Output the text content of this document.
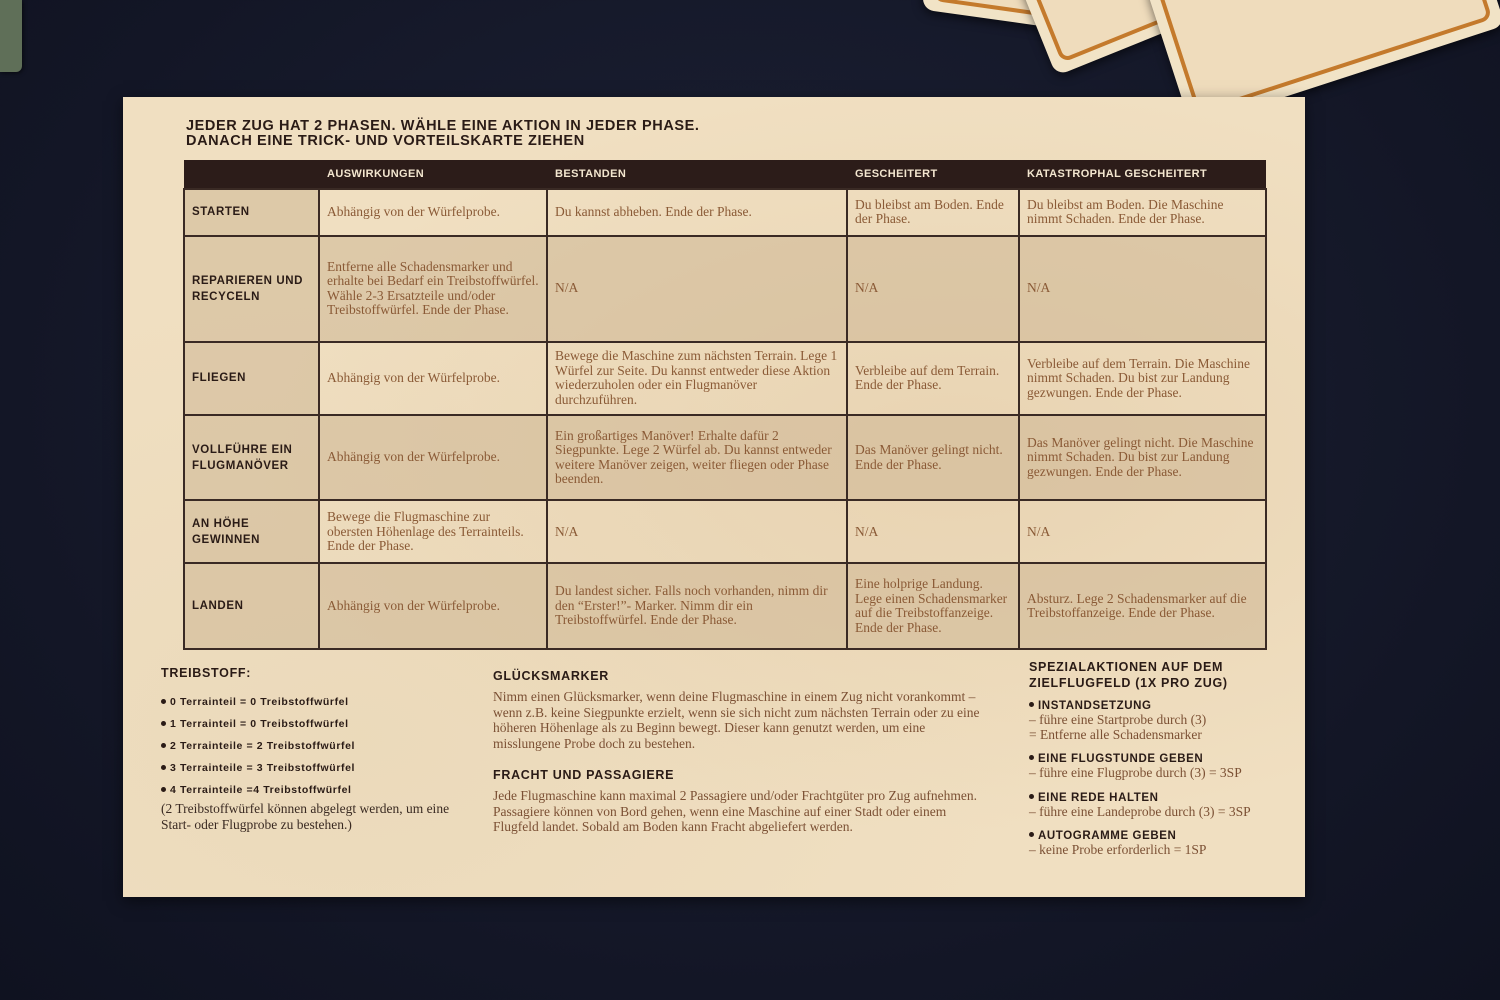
JEDER ZUG HAT 2 PHASEN. WÄHLE EINE AKTION IN JEDER PHASE.
DANACH EINE TRICK- UND VORTEILSKARTE ZIEHEN
	AUSWIRKUNGEN	BESTANDEN	GESCHEITERT	KATASTROPHAL GESCHEITERT
STARTEN	Abhängig von der Würfelprobe.	Du kannst abheben. Ende der Phase.	Du bleibst am Boden. Ende der Phase.	Du bleibst am Boden. Die Maschine nimmt Schaden. Ende der Phase.
REPARIEREN UND RECYCELN	Entferne alle Schadensmarker und erhalte bei Bedarf ein Treibstoffwürfel. Wähle 2-3 Ersatzteile und/oder Treibstoffwürfel. Ende der Phase.	N/A	N/A	N/A
FLIEGEN	Abhängig von der Würfelprobe.	Bewege die Maschine zum nächsten Terrain. Lege 1 Würfel zur Seite. Du kannst entweder diese Aktion wiederzuholen oder ein Flugmanöver durchzuführen.	Verbleibe auf dem Terrain. Ende der Phase.	Verbleibe auf dem Terrain. Die Maschine nimmt Schaden. Du bist zur Landung gezwungen. Ende der Phase.
VOLLFÜHRE EIN FLUGMANÖVER	Abhängig von der Würfelprobe.	Ein großartiges Manöver! Erhalte dafür 2 Siegpunkte. Lege 2 Würfel ab. Du kannst entweder weitere Manöver zeigen, weiter fliegen oder Phase beenden.	Das Manöver gelingt nicht. Ende der Phase.	Das Manöver gelingt nicht. Die Maschine nimmt Schaden. Du bist zur Landung gezwungen. Ende der Phase.
AN HÖHE GEWINNEN	Bewege die Flugmaschine zur obersten Höhenlage des Terrainteils. Ende der Phase.	N/A	N/A	N/A
LANDEN	Abhängig von der Würfelprobe.	Du landest sicher. Falls noch vorhanden, nimm dir den “Erster!”- Marker. Nimm dir ein Treibstoffwürfel. Ende der Phase.	Eine holprige Landung. Lege einen Schadensmarker auf die Treibstoffanzeige. Ende der Phase.	Absturz. Lege 2 Schadensmarker auf die Treibstoffanzeige. Ende der Phase.
TREIBSTOFF:
0 Terrainteil = 0 Treibstoffwürfel
1 Terrainteil = 0 Treibstoffwürfel
2 Terrainteile = 2 Treibstoffwürfel
3 Terrainteile = 3 Treibstoffwürfel
4 Terrainteile =4 Treibstoffwürfel
(2 Treibstoffwürfel können abgelegt werden, um eine Start- oder Flugprobe zu bestehen.)
GLÜCKSMARKER
Nimm einen Glücksmarker, wenn deine Flugmaschine in einem Zug nicht vorankommt – wenn z.B. keine Siegpunkte erzielt, wenn sie sich nicht zum nächsten Terrain oder zu eine höheren Höhenlage als zu Beginn bewegt. Dieser kann genutzt werden, um eine misslungene Probe doch zu bestehen.
FRACHT UND PASSAGIERE
Jede Flugmaschine kann maximal 2 Passagiere und/oder Frachtgüter pro Zug aufnehmen. Passagiere können von Bord gehen, wenn eine Maschine auf einer Stadt oder einem Flugfeld landet. Sobald am Boden kann Fracht abgeliefert werden.
SPEZIALAKTIONEN AUF DEM
ZIELFLUGFELD (1X PRO ZUG)
INSTANDSETZUNG
– führe eine Startprobe durch (3)
= Entferne alle Schadensmarker
EINE FLUGSTUNDE GEBEN
– führe eine Flugprobe durch (3) = 3SP
EINE REDE HALTEN
– führe eine Landeprobe durch (3) = 3SP
AUTOGRAMME GEBEN
– keine Probe erforderlich = 1SP
